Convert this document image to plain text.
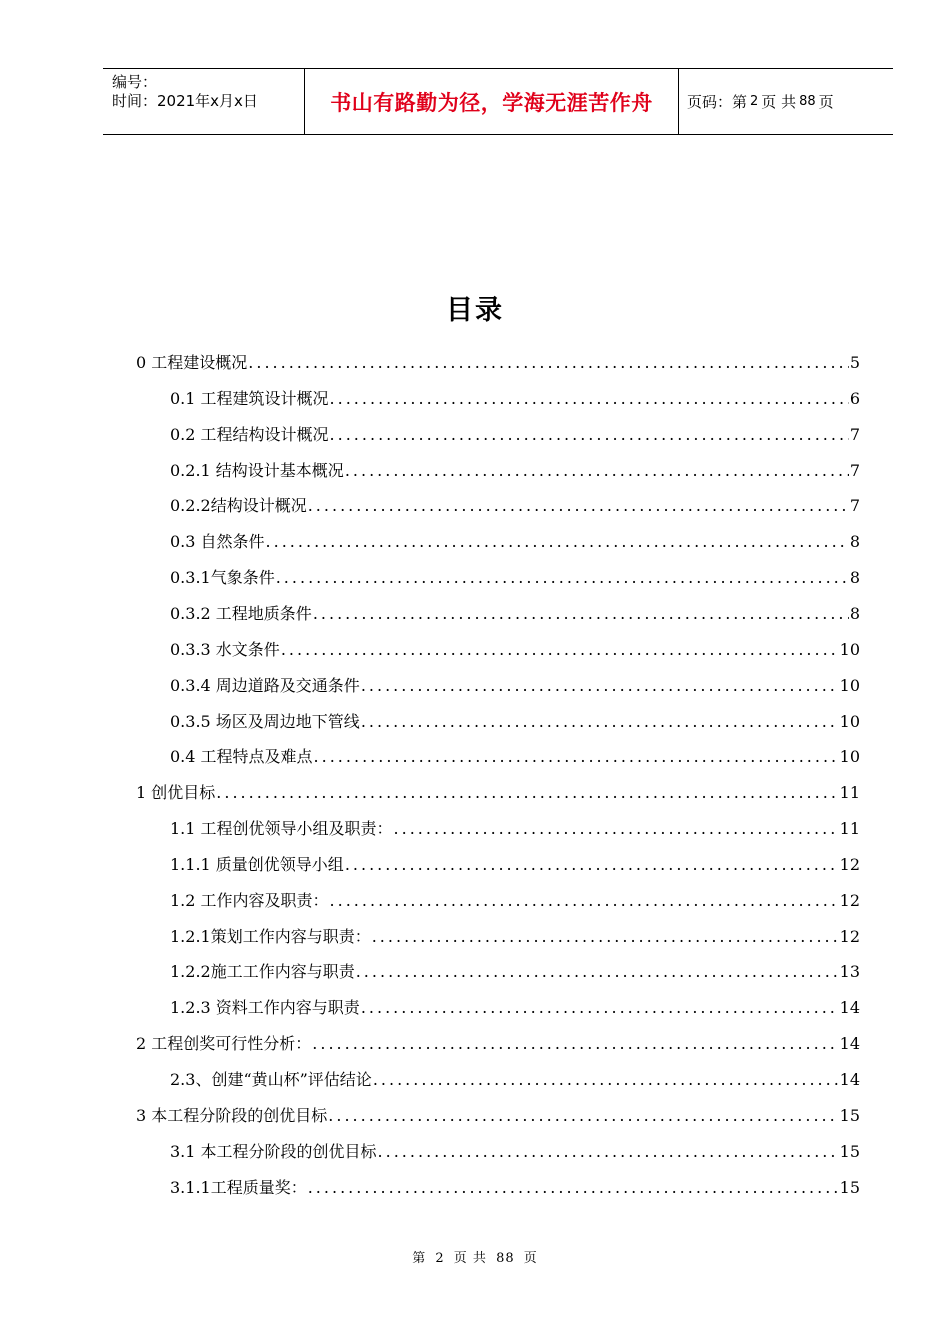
编号：
时间：2021年x月x日	书山有路勤为径，学海无涯苦作舟	页码：第 2 页 共 88 页
目录
0 工程建设概况 .....	5
0.1 工程建筑设计概况 .....	6
0.2 工程结构设计概况 .....	7
0.2.1 结构设计基本概况 .....	7
0.2.2结构设计概况 .....	7
0.3 自然条件 .....	8
0.3.1气象条件 .....	8
0.3.2 工程地质条件 .....	8
0.3.3 水文条件 .....	10
0.3.4 周边道路及交通条件 .....	10
0.3.5 场区及周边地下管线 .....	10
0.4 工程特点及难点 .....	10
1 创优目标 .....	11
1.1 工程创优领导小组及职责： .....	11
1.1.1 质量创优领导小组 .....	12
1.2 工作内容及职责： .....	12
1.2.1策划工作内容与职责： .....	12
1.2.2施工工作内容与职责 .....	13
1.2.3 资料工作内容与职责 .....	14
2 工程创奖可行性分析： .....	14
2.3、创建“黄山杯”评估结论 .....	14
3 本工程分阶段的创优目标 .....	15
3.1 本工程分阶段的创优目标 .....	15
3.1.1工程质量奖： .....	15
第 2 页 共 88 页
